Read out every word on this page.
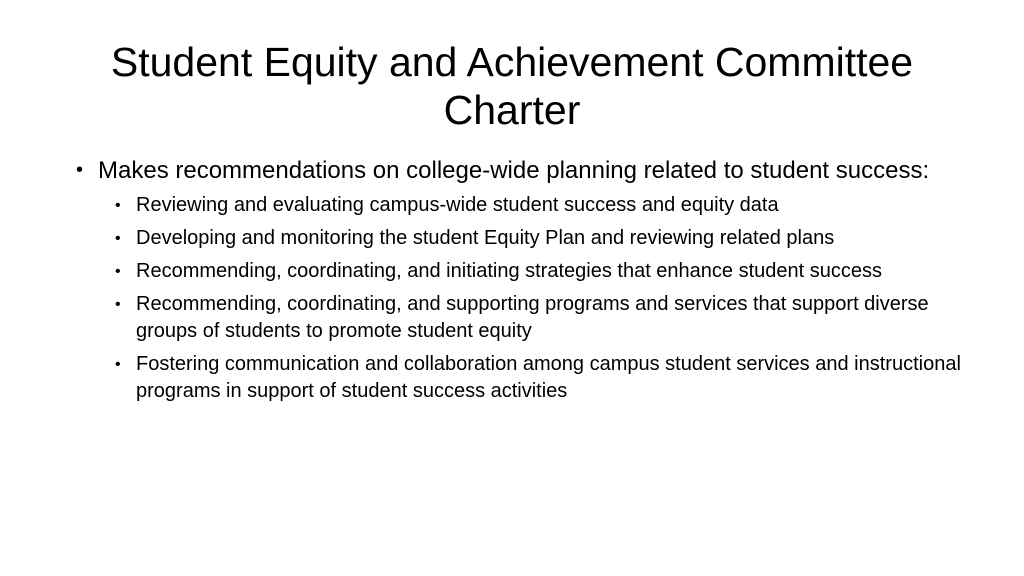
Student Equity and Achievement Committee Charter
• Makes recommendations on college-wide planning related to student success:
• Reviewing and evaluating campus-wide student success and equity data
• Developing and monitoring the student Equity Plan and reviewing related plans
• Recommending, coordinating, and initiating strategies that enhance student success
• Recommending, coordinating, and supporting programs and services that support diverse groups of students to promote student equity
• Fostering communication and collaboration among campus student services and instructional programs in support of student success activities
